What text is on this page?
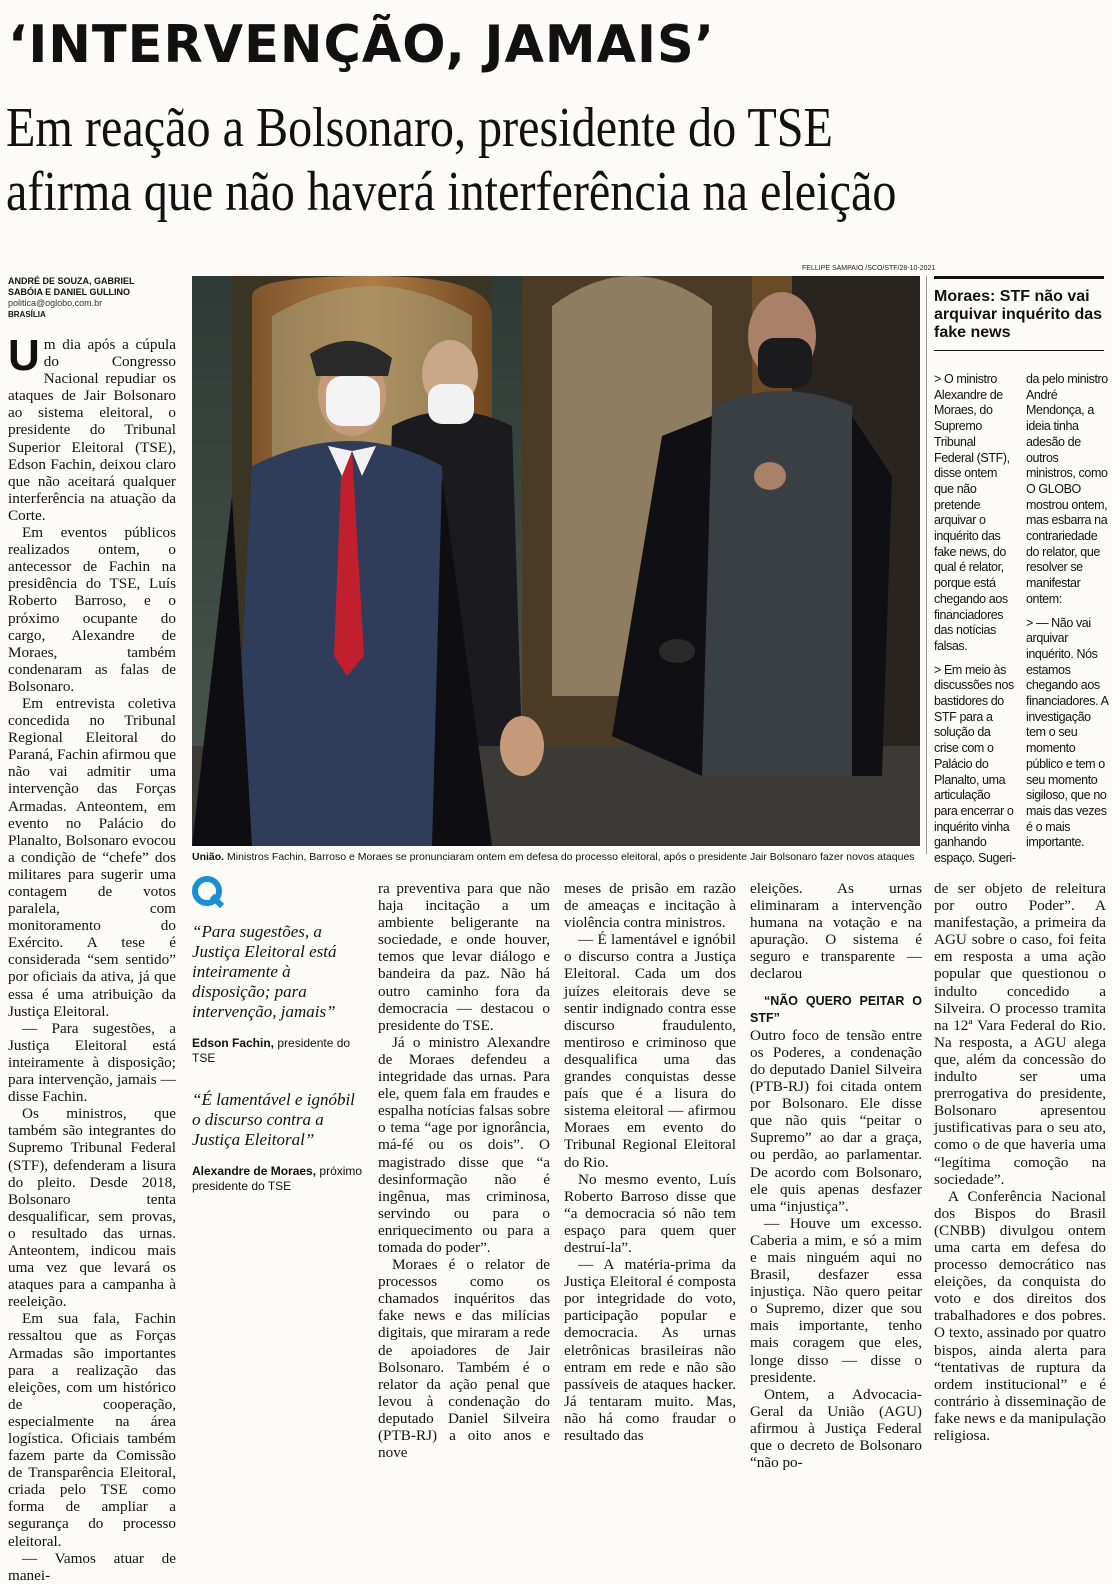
‘INTERVENÇÃO, JAMAIS’
Em reação a Bolsonaro, presidente do TSE
afirma que não haverá interferência na eleição
ANDRÉ DE SOUZA, GABRIEL
SABÓIA E DANIEL GULLINO
politica@oglobo.com.br
BRASÍLIA
FELLIPE SAMPAIO /SCO/STF/28-10-2021
União. Ministros Fachin, Barroso e Moraes se pronunciaram ontem em defesa do processo eleitoral, após o presidente Jair Bolsonaro fazer novos ataques
Moraes: STF não vai arquivar inquérito das fake news

> O ministro Alexandre de Moraes, do Supremo Tribunal Federal (STF), disse ontem que não pretende arquivar o inquérito das fake news, do qual é relator, porque está chegando aos financiadores das notícias falsas.

> Em meio às discussões nos bastidores do STF para a solução da crise com o Palácio do Planalto, uma articulação para encerrar o inquérito vinha ganhando espaço. Sugeri-

da pelo ministro André Mendonça, a ideia tinha adesão de outros ministros, como O GLOBO mostrou ontem, mas esbarra na contrariedade do relator, que resolver se manifestar ontem:

> — Não vai arquivar inquérito. Nós estamos chegando aos financiadores. A investigação tem o seu momento público e tem o seu momento sigiloso, que no mais das vezes é o mais importante.

Um dia após a cúpula do Congresso Nacional repudiar os ataques de Jair Bolsonaro ao sistema eleitoral, o presidente do Tribunal Superior Eleitoral (TSE), Edson Fachin, deixou claro que não aceitará qualquer interferência na atuação da Corte.

Em eventos públicos realizados ontem, o antecessor de Fachin na presidência do TSE, Luís Roberto Barroso, e o próximo ocupante do cargo, Alexandre de Moraes, também condenaram as falas de Bolsonaro.

Em entrevista coletiva concedida no Tribunal Regional Eleitoral do Paraná, Fachin afirmou que não vai admitir uma intervenção das Forças Armadas. Anteontem, em evento no Palácio do Planalto, Bolsonaro evocou a condição de “chefe” dos militares para sugerir uma contagem de votos paralela, com monitoramento do Exército. A tese é considerada “sem sentido” por oficiais da ativa, já que essa é uma atribuição da Justiça Eleitoral.

— Para sugestões, a Justiça Eleitoral está inteiramente à disposição; para intervenção, jamais — disse Fachin.

Os ministros, que também são integrantes do Supremo Tribunal Federal (STF), defenderam a lisura do pleito. Desde 2018, Bolsonaro tenta desqualificar, sem provas, o resultado das urnas. Anteontem, indicou mais uma vez que levará os ataques para a campanha à reeleição.

Em sua fala, Fachin ressaltou que as Forças Armadas são importantes para a realização das eleições, com um histórico de cooperação, especialmente na área logística. Oficiais também fazem parte da Comissão de Transparência Eleitoral, criada pelo TSE como forma de ampliar a segurança do processo eleitoral.

— Vamos atuar de manei-

“Para sugestões, a Justiça Eleitoral está inteiramente à disposição; para intervenção, jamais”
Edson Fachin, presidente do TSE
“É lamentável e ignóbil o discurso contra a Justiça Eleitoral”
Alexandre de Moraes, próximo presidente do TSE

ra preventiva para que não haja incitação a um ambiente beligerante na sociedade, e onde houver, temos que levar diálogo e bandeira da paz. Não há outro caminho fora da democracia — destacou o presidente do TSE.

Já o ministro Alexandre de Moraes defendeu a integridade das urnas. Para ele, quem fala em fraudes e espalha notícias falsas sobre o tema “age por ignorância, má-fé ou os dois”. O magistrado disse que “a desinformação não é ingênua, mas criminosa, servindo ou para o enriquecimento ou para a tomada do poder”.

Moraes é o relator de processos como os chamados inquéritos das fake news e das milícias digitais, que miraram a rede de apoiadores de Jair Bolsonaro. Também é o relator da ação penal que levou à condenação do deputado Daniel Silveira (PTB-RJ) a oito anos e nove

meses de prisão em razão de ameaças e incitação à violência contra ministros.

— É lamentável e ignóbil o discurso contra a Justiça Eleitoral. Cada um dos juízes eleitorais deve se sentir indignado contra esse discurso fraudulento, mentiroso e criminoso que desqualifica uma das grandes conquistas desse país que é a lisura do sistema eleitoral — afirmou Moraes em evento do Tribunal Regional Eleitoral do Rio.

No mesmo evento, Luís Roberto Barroso disse que “a democracia só não tem espaço para quem quer destruí-la”.

— A matéria-prima da Justiça Eleitoral é composta por integridade do voto, participação popular e democracia. As urnas eletrônicas brasileiras não entram em rede e não são passíveis de ataques hacker. Já tentaram muito. Mas, não há como fraudar o resultado das

eleições. As urnas eliminaram a intervenção humana na votação e na apuração. O sistema é seguro e transparente — declarou

“NÃO QUERO PEITAR O STF”

Outro foco de tensão entre os Poderes, a condenação do deputado Daniel Silveira (PTB-RJ) foi citada ontem por Bolsonaro. Ele disse que não quis “peitar o Supremo” ao dar a graça, ou perdão, ao parlamentar. De acordo com Bolsonaro, ele quis apenas desfazer uma “injustiça”.

— Houve um excesso. Caberia a mim, e só a mim e mais ninguém aqui no Brasil, desfazer essa injustiça. Não quero peitar o Supremo, dizer que sou mais importante, tenho mais coragem que eles, longe disso — disse o presidente.

Ontem, a Advocacia-Geral da União (AGU) afirmou à Justiça Federal que o decreto de Bolsonaro “não po-

de ser objeto de releitura por outro Poder”. A manifestação, a primeira da AGU sobre o caso, foi feita em resposta a uma ação popular que questionou o indulto concedido a Silveira. O processo tramita na 12ª Vara Federal do Rio. Na resposta, a AGU alega que, além da concessão do indulto ser uma prerrogativa do presidente, Bolsonaro apresentou justificativas para o seu ato, como o de que haveria uma “legítima comoção na sociedade”.

A Conferência Nacional dos Bispos do Brasil (CNBB) divulgou ontem uma carta em defesa do processo democrático nas eleições, da conquista do voto e dos direitos dos trabalhadores e dos pobres. O texto, assinado por quatro bispos, ainda alerta para “tentativas de ruptura da ordem institucional” e é contrário à disseminação de fake news e da manipulação religiosa.
